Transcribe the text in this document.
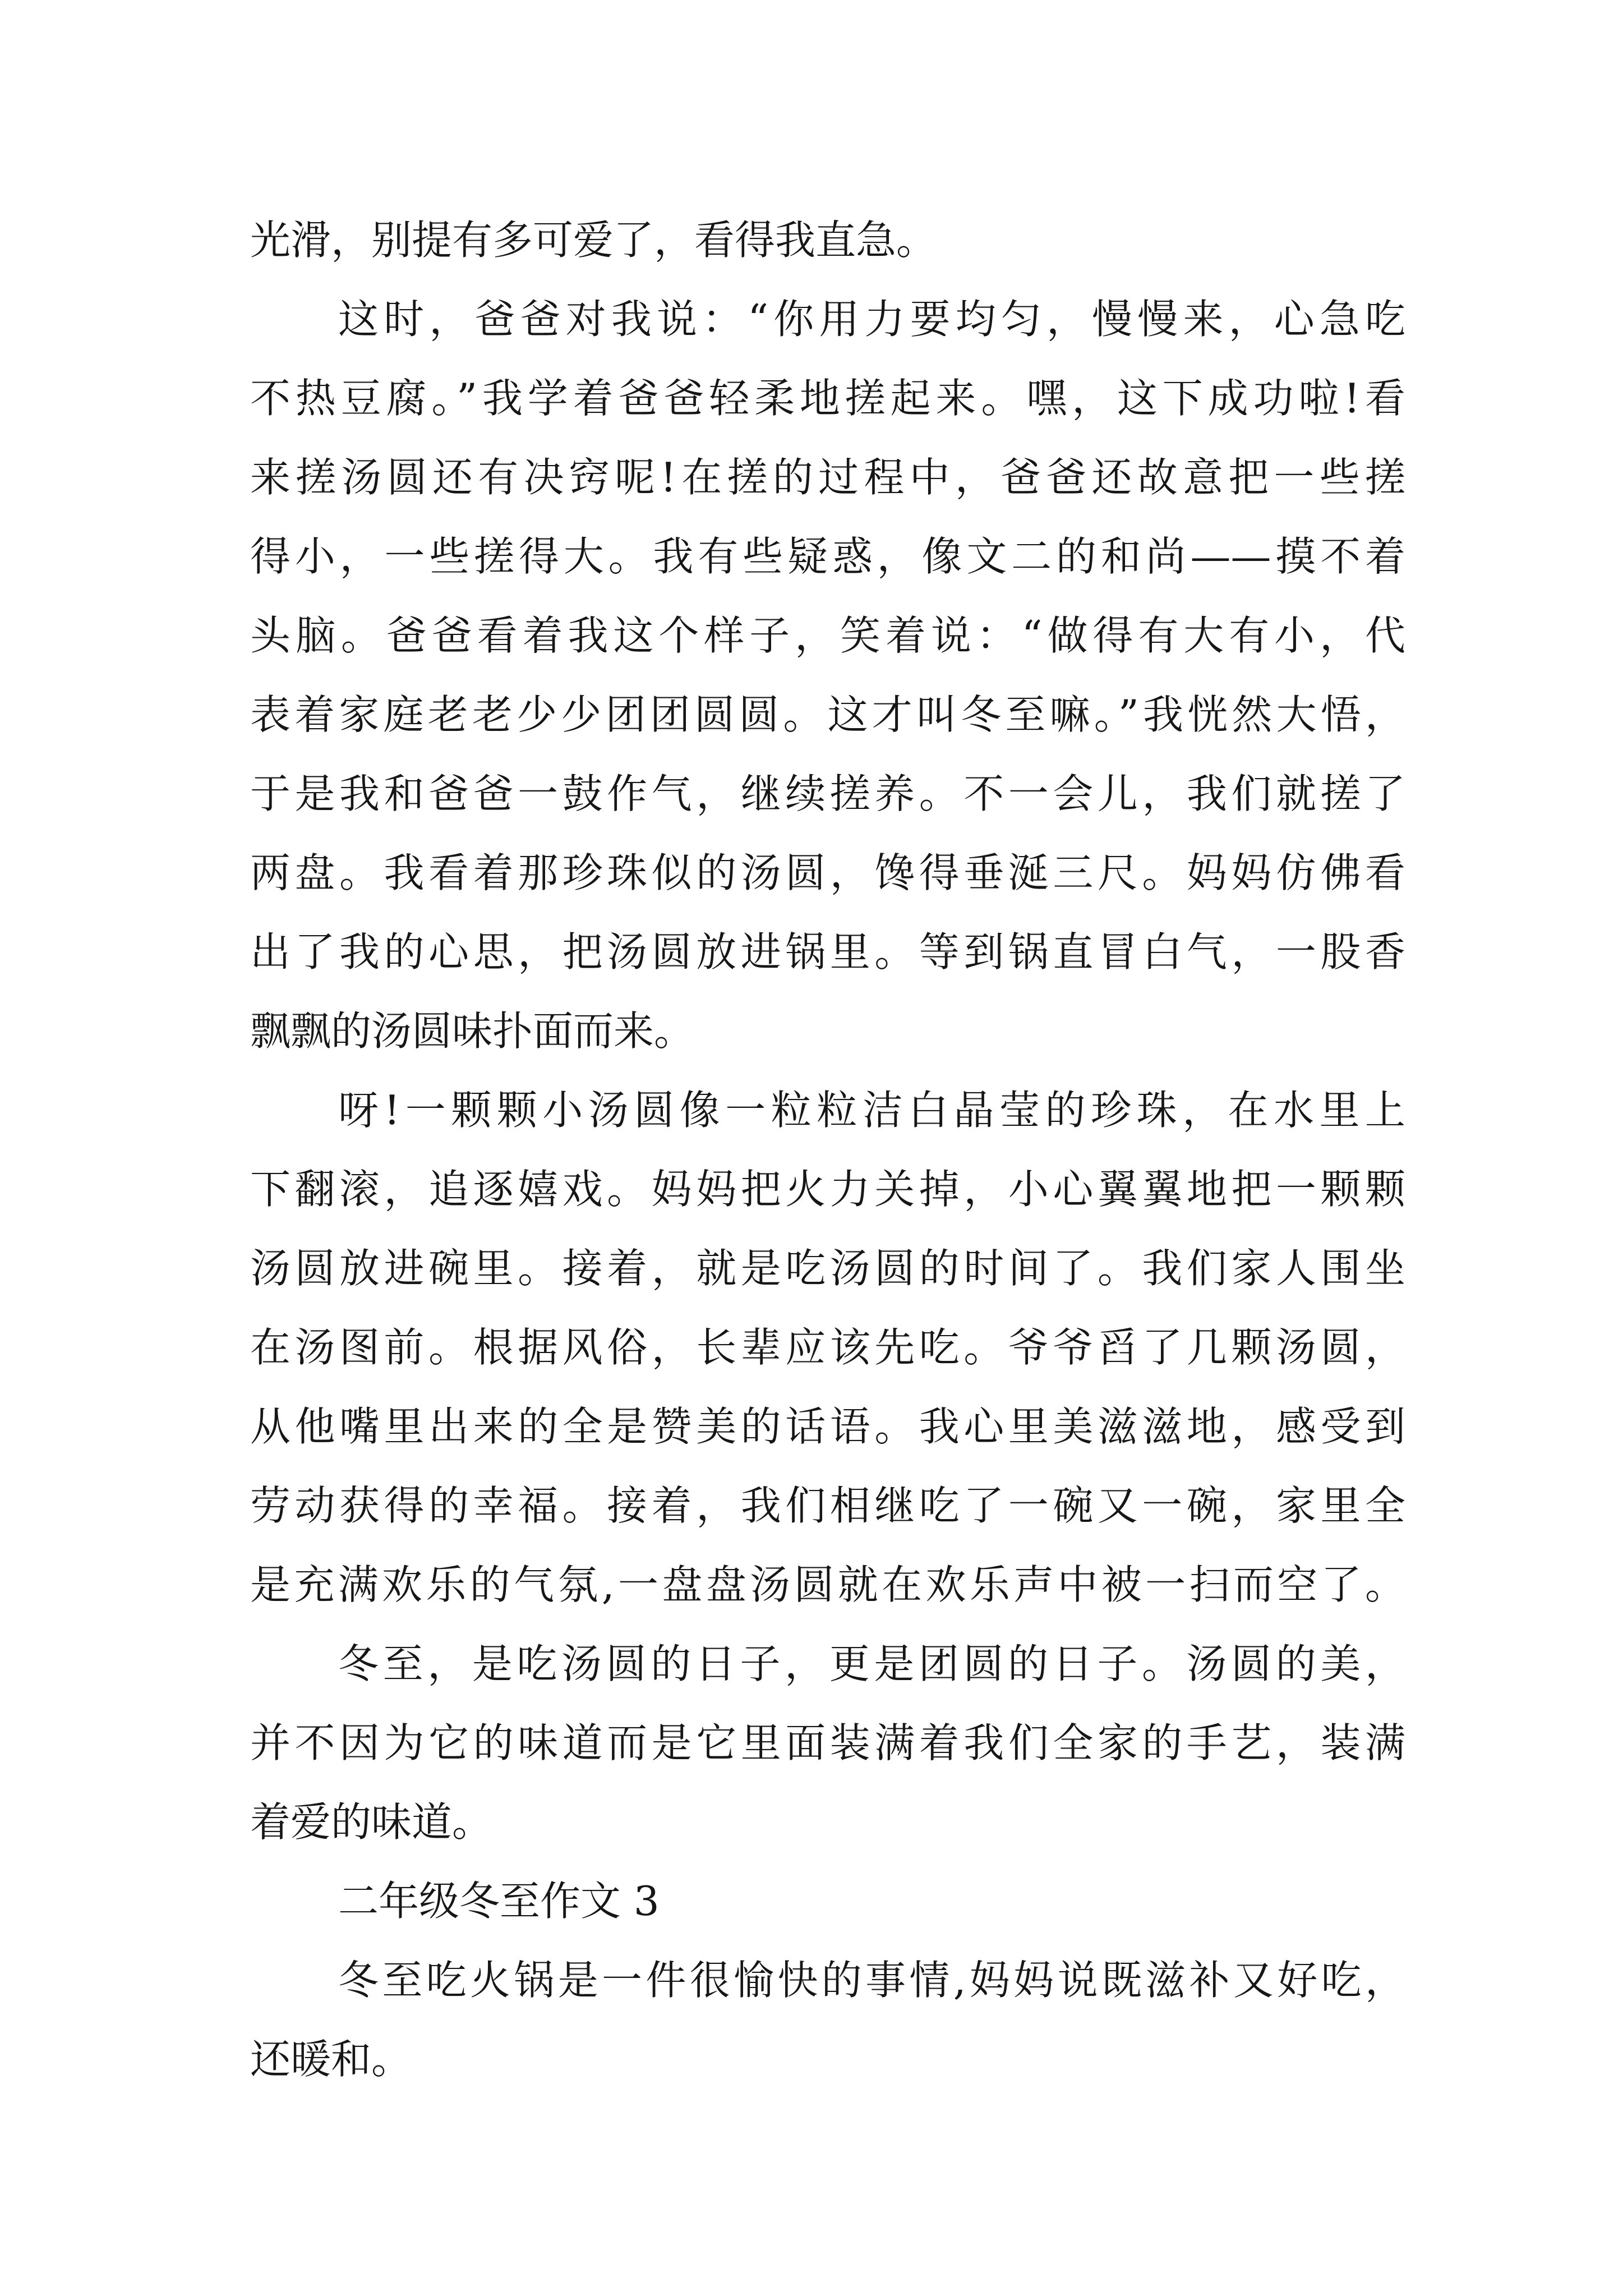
光滑，别提有多可爱了，看得我直急。
这时，爸爸对我说：“你用力要均匀，慢慢来，心急吃
不热豆腐。”我学着爸爸轻柔地搓起来。嘿，这下成功啦!看
来搓汤圆还有决窍呢!在搓的过程中，爸爸还故意把一些搓
得小，一些搓得大。我有些疑惑，像文二的和尚——摸不着
头脑。爸爸看着我这个样子，笑着说：“做得有大有小，代
表着家庭老老少少团团圆圆。这才叫冬至嘛。”我恍然大悟，
于是我和爸爸一鼓作气，继续搓养。不一会儿，我们就搓了
两盘。我看着那珍珠似的汤圆，馋得垂涎三尺。妈妈仿佛看
出了我的心思，把汤圆放进锅里。等到锅直冒白气，一股香
飘飘的汤圆味扑面而来。
呀!一颗颗小汤圆像一粒粒洁白晶莹的珍珠，在水里上
下翻滚，追逐嬉戏。妈妈把火力关掉，小心翼翼地把一颗颗
汤圆放进碗里。接着，就是吃汤圆的时间了。我们家人围坐
在汤图前。根据风俗，长辈应该先吃。爷爷舀了几颗汤圆，
从他嘴里出来的全是赞美的话语。我心里美滋滋地，感受到
劳动获得的幸福。接着，我们相继吃了一碗又一碗，家里全
是充满欢乐的气氛,一盘盘汤圆就在欢乐声中被一扫而空了。
冬至，是吃汤圆的日子，更是团圆的日子。汤圆的美，
并不因为它的味道而是它里面装满着我们全家的手艺，装满
着爱的味道。
二年级冬至作文 3
冬至吃火锅是一件很愉快的事情,妈妈说既滋补又好吃，
还暖和。
